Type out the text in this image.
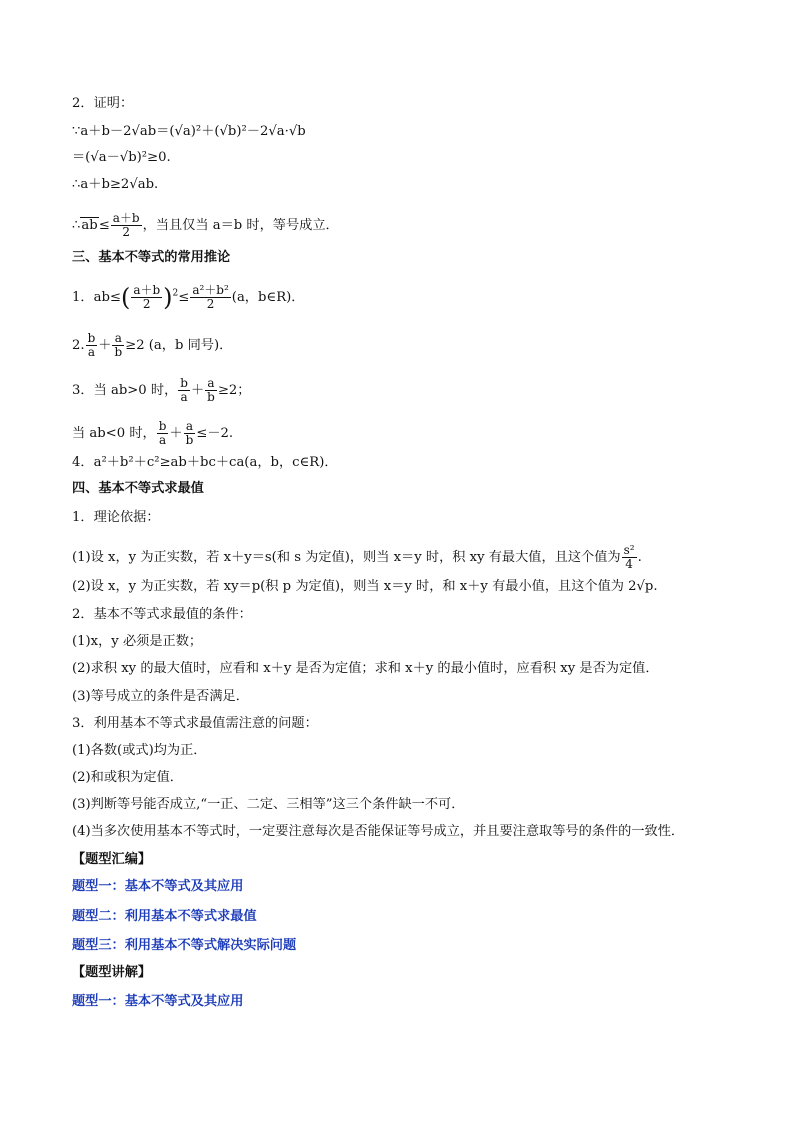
2．证明：
∵a＋b－2√ab＝(√a)²＋(√b)²－2√a·√b
＝(√a－√b)²≥0.
∴a＋b≥2√ab.
∴ab≤ $\frac{a+b}{2}$ ，当且仅当 a＝b 时，等号成立．
三、基本不等式的常用推论
1．$ab\le( \frac{a+b}{2} )^2\le \frac{\text{a²＋b²}}{2} (a$，b∈R)．
2. $\frac{b}{a} + \frac{a}{b} \ge 2$ (a，b 同号)．
3．当 ab>0 时， $\frac{b}{a} + \frac{a}{b} \ge 2$；
当 ab<0 时， $\frac{b}{a} + \frac{a}{b} \le-2$.
4．a²＋b²＋c²≥ab＋bc＋ca(a，b，c∈R)．
四、基本不等式求最值
1．理论依据：
(1)设 x，y 为正实数，若 x＋y＝s(和 s 为定值)，则当 x＝y 时，积 xy 有最大值，且这个值为 $\frac{\text{s²}}{4}$ .
(2)设 x，y 为正实数，若 xy＝p(积 p 为定值)，则当 x＝y 时，和 x＋y 有最小值，且这个值为 2√p.
2．基本不等式求最值的条件：
(1)x，y 必须是正数；
(2)求积 xy 的最大值时，应看和 x＋y 是否为定值；求和 x＋y 的最小值时，应看积 xy 是否为定值．
(3)等号成立的条件是否满足．
3．利用基本不等式求最值需注意的问题：
(1)各数(或式)均为正．
(2)和或积为定值．
(3)判断等号能否成立,“一正、二定、三相等”这三个条件缺一不可．
(4)当多次使用基本不等式时，一定要注意每次是否能保证等号成立，并且要注意取等号的条件的一致性．
【题型汇编】
题型一：基本不等式及其应用
题型二：利用基本不等式求最值
题型三：利用基本不等式解决实际问题
【题型讲解】
题型一：基本不等式及其应用
